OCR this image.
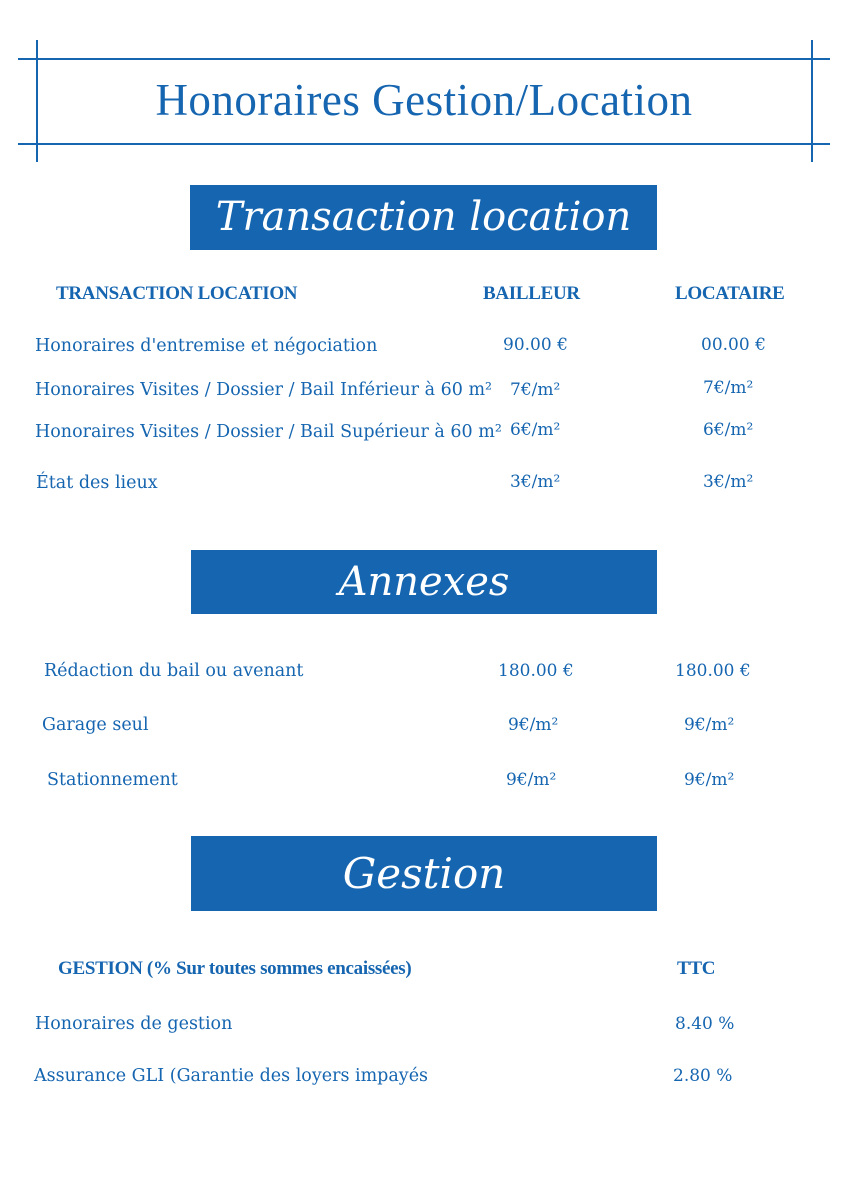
Honoraires Gestion/Location
Transaction location
TRANSACTION LOCATION	BAILLEUR	LOCATAIRE
Honoraires d'entremise et négociation	90.00 €	00.00 €
Honoraires Visites / Dossier / Bail Inférieur à 60 m² 7€/m²	7€/m²
Honoraires Visites / Dossier / Bail Supérieur à 60 m² 6€/m²	6€/m²
État des lieux	3€/m²	3€/m²
Annexes
Rédaction du bail ou avenant	180.00 €	180.00 €
Garage seul	9€/m²	9€/m²
Stationnement	9€/m²	9€/m²
Gestion
GESTION (% Sur toutes sommes encaissées)	TTC
Honoraires de gestion	8.40 %
Assurance GLI (Garantie des loyers impayés	2.80 %
